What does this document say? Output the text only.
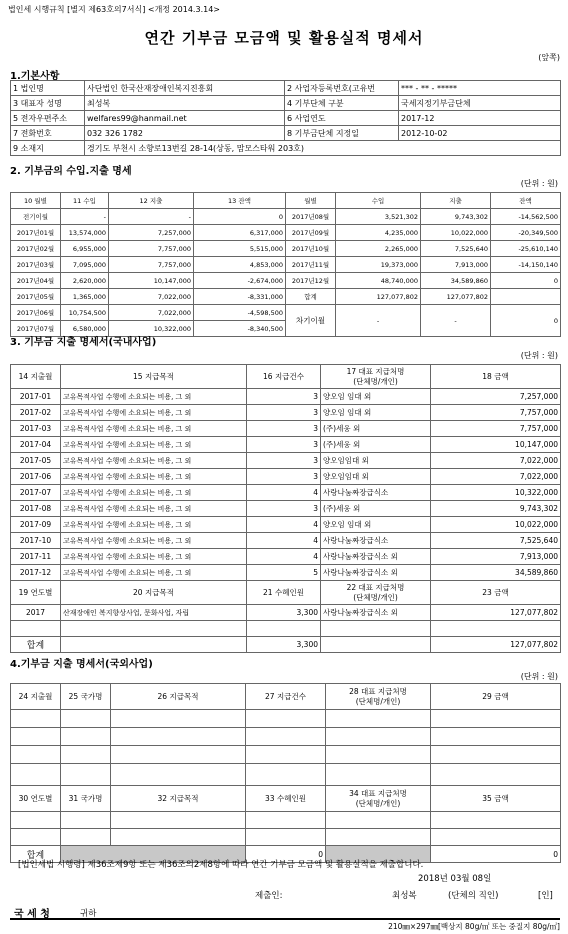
법인세 시행규칙 [별지 제63호의7서식] <개정 2014.3.14>
연간 기부금 모금액 및 활용실적 명세서
(앞쪽)
1.기본사항
1 법인명	사단법인 한국산재장애인복지진흥회	2 사업자등록번호(고유번	*** - ** - *****
3 대표자 성명	최성복	4 기부단체 구분	국세지정기부금단체
5 전자우편주소	welfares99@hanmail.net	6 사업연도	2017-12
7 전화번호	032 326 1782	8 기부금단체 지정일	2012-10-02
9 소재지	경기도 부천시 소향로13번길 28-14(상동, 맘모스타워 203호)		
2. 기부금의 수입.지출 명세
(단위 : 원)
10 월별	11 수입	12 지출	13 잔액	월별	수입	지출	잔액
전기이월	-	-	0	2017년08월	3,521,302	9,743,302	-14,562,500
2017년01월	13,574,000	7,257,000	6,317,000	2017년09월	4,235,000	10,022,000	-20,349,500
2017년02월	6,955,000	7,757,000	5,515,000	2017년10월	2,265,000	7,525,640	-25,610,140
2017년03월	7,095,000	7,757,000	4,853,000	2017년11월	19,373,000	7,913,000	-14,150,140
2017년04월	2,620,000	10,147,000	-2,674,000	2017년12월	48,740,000	34,589,860	0
2017년05월	1,365,000	7,022,000	-8,331,000	합계	127,077,802	127,077,802	
2017년06월	10,754,500	7,022,000	-4,598,500	차기이월	-	-	0
2017년07월	6,580,000	10,322,000	-8,340,500				
3. 기부금 지출 명세서(국내사업)
(단위 : 원)
14 지출월	15 지급목적	16 지급건수	17 대표 지급처명
(단체명/개인)	18 금액
2017-01	고유목적사업 수행에 소요되는 비용, 그 외	3	양오임 임대 외	7,257,000
2017-02	고유목적사업 수행에 소요되는 비용, 그 외	3	양오임 임대 외	7,757,000
2017-03	고유목적사업 수행에 소요되는 비용, 그 외	3	(주)세웅 외	7,757,000
2017-04	고유목적사업 수행에 소요되는 비용, 그 외	3	(주)세웅 외	10,147,000
2017-05	고유목적사업 수행에 소요되는 비용, 그 외	3	양오임임대 외	7,022,000
2017-06	고유목적사업 수행에 소요되는 비용, 그 외	3	양오임임대 외	7,022,000
2017-07	고유목적사업 수행에 소요되는 비용, 그 외	4	사랑나눔짜장급식소	10,322,000
2017-08	고유목적사업 수행에 소요되는 비용, 그 외	3	(주)세웅 외	9,743,302
2017-09	고유목적사업 수행에 소요되는 비용, 그 외	4	양오임 임대 외	10,022,000
2017-10	고유목적사업 수행에 소요되는 비용, 그 외	4	사랑나눔짜장급식소	7,525,640
2017-11	고유목적사업 수행에 소요되는 비용, 그 외	4	사랑나눔짜장급식소 외	7,913,000
2017-12	고유목적사업 수행에 소요되는 비용, 그 외	5	사랑나눔짜장급식소 외	34,589,860
19 연도별	20 지급목적	21 수혜인원	22 대표 지급처명
(단체명/개인)	23 금액
2017	산재장애인 복지향상사업, 문화사업, 자립	3,300	사랑나눔짜장급식소 외	127,077,802

합계		3,300		127,077,802
4.기부금 지출 명세서(국외사업)
(단위 : 원)
24 지출월	25 국가명	26 지급목적	27 지급건수	28 대표 지급처명
(단체명/개인)	29 금액

30 연도별	31 국가명	32 지급목적	33 수혜인원	34 대표 지급처명
(단체명/개인)	35 금액

합계			0		0
[법인세법 시행령] 제36조제9항 또는 제36조의2제8항에 따라 연간 기부금 모금액 및 활용실적을 제출합니다.
2018년 03월 08일
제출인:	최성복	(단체의 직인)	[인]
국 세 청	귀하
210㎜×297㎜[백상지 80g/㎡ 또는 중질지 80g/㎡]
